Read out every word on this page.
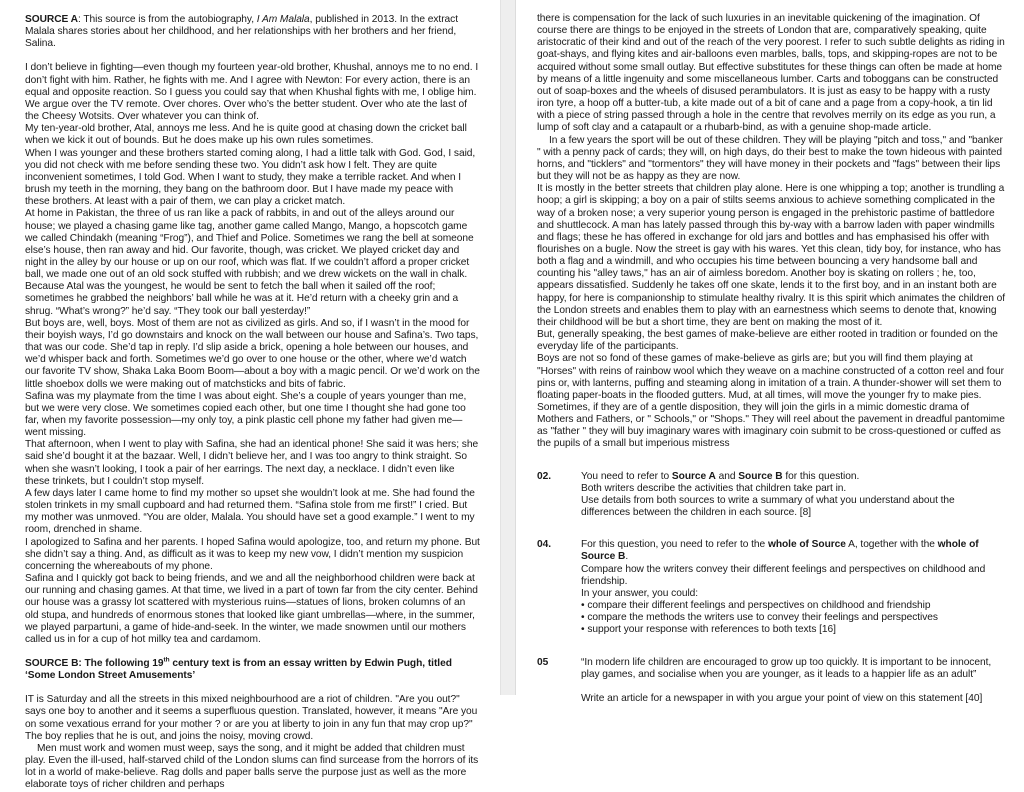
SOURCE A: This source is from the autobiography, I Am Malala, published in 2013. In the extract Malala shares stories about her childhood, and her relationships with her brothers and her friend, Salina.

I don’t believe in fighting—even though my fourteen year-old brother, Khushal, annoys me to no end. I don’t fight with him. Rather, he fights with me. And I agree with Newton: For every action, there is an equal and opposite reaction. So I guess you could say that when Khushal fights with me, I oblige him. We argue over the TV remote. Over chores. Over who’s the better student. Over who ate the last of the Cheesy Wotsits. Over whatever you can think of.

My ten-year-old brother, Atal, annoys me less. And he is quite good at chasing down the cricket ball when we kick it out of bounds. But he does make up his own rules sometimes.

When I was younger and these brothers started coming along, I had a little talk with God. God, I said, you did not check with me before sending these two. You didn’t ask how I felt. They are quite inconvenient sometimes, I told God. When I want to study, they make a terrible racket. And when I brush my teeth in the morning, they bang on the bathroom door. But I have made my peace with these brothers. At least with a pair of them, we can play a cricket match.

At home in Pakistan, the three of us ran like a pack of rabbits, in and out of the alleys around our house; we played a chasing game like tag, another game called Mango, Mango, a hopscotch game we called Chindakh (meaning “Frog”), and Thief and Police. Sometimes we rang the bell at someone else’s house, then ran away and hid. Our favorite, though, was cricket. We played cricket day and night in the alley by our house or up on our roof, which was flat. If we couldn’t afford a proper cricket ball, we made one out of an old sock stuffed with rubbish; and we drew wickets on the wall in chalk. Because Atal was the youngest, he would be sent to fetch the ball when it sailed off the roof; sometimes he grabbed the neighbors’ ball while he was at it. He’d return with a cheeky grin and a shrug. “What’s wrong?” he’d say. “They took our ball yesterday!”

But boys are, well, boys. Most of them are not as civilized as girls. And so, if I wasn’t in the mood for their boyish ways, I’d go downstairs and knock on the wall between our house and Safina’s. Two taps, that was our code. She’d tap in reply. I’d slip aside a brick, opening a hole between our houses, and we’d whisper back and forth. Sometimes we’d go over to one house or the other, where we’d watch our favorite TV show, Shaka Laka Boom Boom—about a boy with a magic pencil. Or we’d work on the little shoebox dolls we were making out of matchsticks and bits of fabric.

Safina was my playmate from the time I was about eight. She’s a couple of years younger than me, but we were very close. We sometimes copied each other, but one time I thought she had gone too far, when my favorite possession—my only toy, a pink plastic cell phone my father had given me—went missing.

That afternoon, when I went to play with Safina, she had an identical phone! She said it was hers; she said she’d bought it at the bazaar. Well, I didn’t believe her, and I was too angry to think straight. So when she wasn’t looking, I took a pair of her earrings. The next day, a necklace. I didn’t even like these trinkets, but I couldn’t stop myself.

A few days later I came home to find my mother so upset she wouldn’t look at me. She had found the stolen trinkets in my small cupboard and had returned them. “Safina stole from me first!” I cried. But my mother was unmoved. “You are older, Malala. You should have set a good example.” I went to my room, drenched in shame.

I apologized to Safina and her parents. I hoped Safina would apologize, too, and return my phone. But she didn’t say a thing. And, as difficult as it was to keep my new vow, I didn’t mention my suspicion concerning the whereabouts of my phone.

Safina and I quickly got back to being friends, and we and all the neighborhood children were back at our running and chasing games. At that time, we lived in a part of town far from the city center. Behind our house was a grassy lot scattered with mysterious ruins—statues of lions, broken columns of an old stupa, and hundreds of enormous stones that looked like giant umbrellas—where, in the summer, we played parpartuni, a game of hide-and-seek. In the winter, we made snowmen until our mothers called us in for a cup of hot milky tea and cardamom.

SOURCE B: The following 19th century text is from an essay written by Edwin Pugh, titled ‘Some London Street Amusements’

IT is Saturday and all the streets in this mixed neighbourhood are a riot of children. "Are you out?" says one boy to another and it seems a superfluous question. Translated, however, it means "Are you on some vexatious errand for your mother ? or are you at liberty to join in any fun that may crop up?" The boy replies that he is out, and joins the noisy, moving crowd.

Men must work and women must weep, says the song, and it might be added that children must play. Even the ill-used, half-starved child of the London slums can find surcease from the horrors of its lot in a world of make-believe. Rag dolls and paper balls serve the purpose just as well as the more elaborate toys of richer children and perhaps

there is compensation for the lack of such luxuries in an inevitable quickening of the imagination. Of course there are things to be enjoyed in the streets of London that are, comparatively speaking, quite aristocratic of their kind and out of the reach of the very poorest. I refer to such subtle delights as riding in goat-shays, and flying kites and air-balloons even marbles, balls, tops, and skipping-ropes are not to be acquired without some small outlay. But effective substitutes for these things can often be made at home by means of a little ingenuity and some miscellaneous lumber. Carts and toboggans can be constructed out of soap-boxes and the wheels of disused perambulators. It is just as easy to be happy with a rusty iron tyre, a hoop off a butter-tub, a kite made out of a bit of cane and a page from a copy-hook, a tin lid with a piece of string passed through a hole in the centre that revolves merrily on its edge as you run, a lump of soft clay and a catapault or a rhubarb-bind, as with a genuine shop-made article.

In a few years the sport will be out of these children. They will be playing "pitch and toss," and "banker " with a penny pack of cards; they will, on high days, do their best to make the town hideous with painted horns, and "ticklers" and "tormentors" they will have money in their pockets and "fags" between their lips but they will not be as happy as they are now.

It is mostly in the better streets that children play alone. Here is one whipping a top; another is trundling a hoop; a girl is skipping; a boy on a pair of stilts seems anxious to achieve something complicated in the way of a broken nose; a very superior young person is engaged in the prehistoric pastime of battledore and shuttlecock. A man has lately passed through this by-way with a barrow laden with paper windmills and flags; these he has offered in exchange for old jars and bottles and has emphasised his offer with flourishes on a bugle. Now the street is gay with his wares. Yet this clean, tidy boy, for instance, who has both a flag and a windmill, and who occupies his time between bouncing a very handsome ball and counting his "alley taws," has an air of aimless boredom. Another boy is skating on rollers ; he, too, appears dissatisfied. Suddenly he takes off one skate, lends it to the first boy, and in an instant both are happy, for here is companionship to stimulate healthy rivalry. It is this spirit which animates the children of the London streets and enables them to play with an earnestness which seems to denote that, knowing their childhood will be but a short time, they are bent on making the most of it.

But, generally speaking, the best games of make-believe are either rooted in tradition or founded on the everyday life of the participants.

Boys are not so fond of these games of make-believe as girls are; but you will find them playing at "Horses" with reins of rainbow wool which they weave on a machine constructed of a cotton reel and four pins or, with lanterns, puffing and steaming along in imitation of a train. A thunder-shower will set them to floating paper-boats in the flooded gutters. Mud, at all times, will move the younger fry to make pies. Sometimes, if they are of a gentle disposition, they will join the girls in a mimic domestic drama of Mothers and Fathers, or " Schools," or "Shops." They will reel about the pavement in dreadful pantomime as "father " they will buy imaginary wares with imaginary coin submit to be cross-questioned or cuffed as the pupils of a small but imperious mistress

02.	You need to refer to Source A and Source B for this question.

Both writers describe the activities that children take part in.

Use details from both sources to write a summary of what you understand about the differences between the children in each source. [8]

04.	For this question, you need to refer to the whole of Source A, together with the whole of Source B.

Compare how the writers convey their different feelings and perspectives on childhood and friendship.

In your answer, you could:

• compare their different feelings and perspectives on childhood and friendship

• compare the methods the writers use to convey their feelings and perspectives

• support your response with references to both texts [16]

05	“In modern life children are encouraged to grow up too quickly. It is important to be innocent, play games, and socialise when you are younger, as it leads to a happier life as an adult”

Write an article for a newspaper in with you argue your point of view on this statement [40]
